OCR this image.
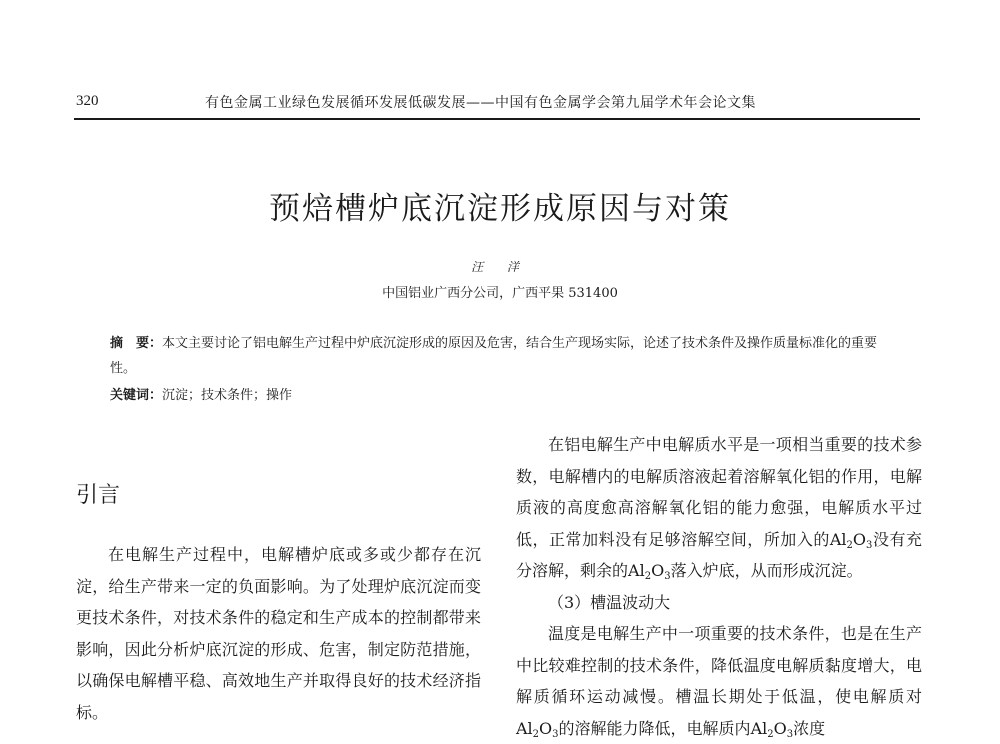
320	有色金属工业绿色发展循环发展低碳发展——中国有色金属学会第九届学术年会论文集
预焙槽炉底沉淀形成原因与对策
汪 洋
中国铝业广西分公司，广西平果 531400
摘　要：本文主要讨论了铝电解生产过程中炉底沉淀形成的原因及危害，结合生产现场实际，论述了技术条件及操作质量标准化的重要性。
关键词：沉淀；技术条件；操作
引言

在电解生产过程中，电解槽炉底或多或少都存在沉淀，给生产带来一定的负面影响。为了处理炉底沉淀而变更技术条件，对技术条件的稳定和生产成本的控制都带来影响，因此分析炉底沉淀的形成、危害，制定防范措施，以确保电解槽平稳、高效地生产并取得良好的技术经济指标。

在铝电解生产中电解质水平是一项相当重要的技术参数，电解槽内的电解质溶液起着溶解氧化铝的作用，电解质液的高度愈高溶解氧化铝的能力愈强，电解质水平过低，正常加料没有足够溶解空间，所加入的$Al_2O_3$没有充分溶解，剩余的$Al_2O_3$落入炉底，从而形成沉淀。

（3）槽温波动大

温度是电解生产中一项重要的技术条件，也是在生产中比较难控制的技术条件，降低温度电解质黏度增大，电解质循环运动减慢。槽温长期处于低温，使电解质对$Al_2O_3$的溶解能力降低，电解质内$Al_2O_3$浓度
